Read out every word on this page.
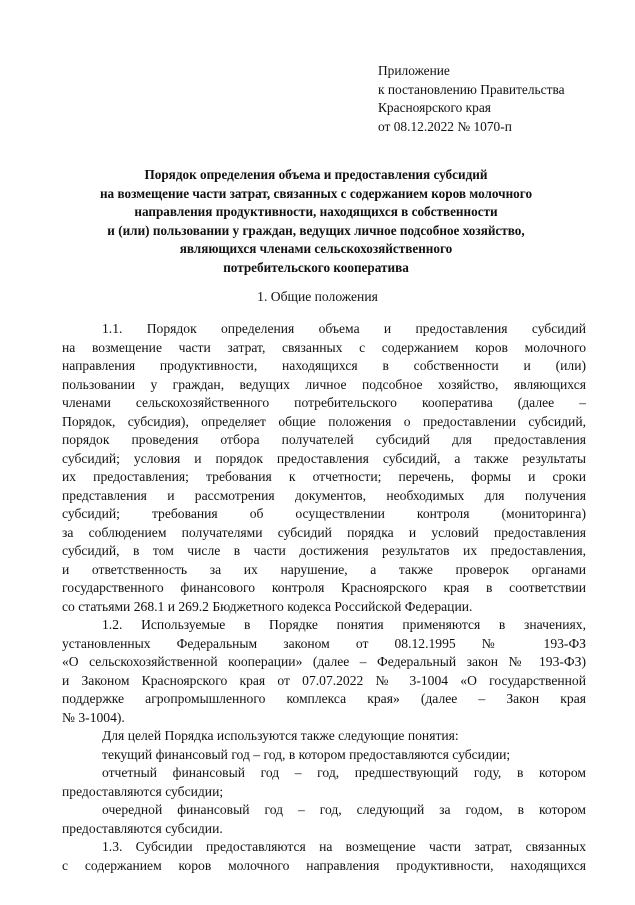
Приложение
к постановлению Правительства
Красноярского края
от 08.12.2022 № 1070-п
Порядок определения объема и предоставления субсидий
на возмещение части затрат, связанных с содержанием коров молочного
направления продуктивности, находящихся в собственности
и (или) пользовании у граждан, ведущих личное подсобное хозяйство,
являющихся членами сельскохозяйственного
потребительского кооператива
1. Общие положения
1.1. Порядок определения объема и предоставления субсидий
на возмещение части затрат, связанных с содержанием коров молочного
направления продуктивности, находящихся в собственности и (или)
пользовании у граждан, ведущих личное подсобное хозяйство, являющихся
членами сельскохозяйственного потребительского кооператива (далее –
Порядок, субсидия), определяет общие положения о предоставлении субсидий,
порядок проведения отбора получателей субсидий для предоставления
субсидий; условия и порядок предоставления субсидий, а также результаты
их предоставления; требования к отчетности; перечень, формы и сроки
представления и рассмотрения документов, необходимых для получения
субсидий; требования об осуществлении контроля (мониторинга)
за соблюдением получателями субсидий порядка и условий предоставления
субсидий, в том числе в части достижения результатов их предоставления,
и ответственность за их нарушение, а также проверок органами
государственного финансового контроля Красноярского края в соответствии
со статьями 268.1 и 269.2 Бюджетного кодекса Российской Федерации.
1.2. Используемые в Порядке понятия применяются в значениях,
установленных Федеральным законом от 08.12.1995 № 193-ФЗ
«О сельскохозяйственной кооперации» (далее – Федеральный закон № 193-ФЗ)
и Законом Красноярского края от 07.07.2022 № 3-1004 «О государственной
поддержке агропромышленного комплекса края» (далее – Закон края
№ 3-1004).
Для целей Порядка используются также следующие понятия:
текущий финансовый год – год, в котором предоставляются субсидии;
отчетный финансовый год – год, предшествующий году, в котором
предоставляются субсидии;
очередной финансовый год – год, следующий за годом, в котором
предоставляются субсидии.
1.3. Субсидии предоставляются на возмещение части затрат, связанных
с содержанием коров молочного направления продуктивности, находящихся
